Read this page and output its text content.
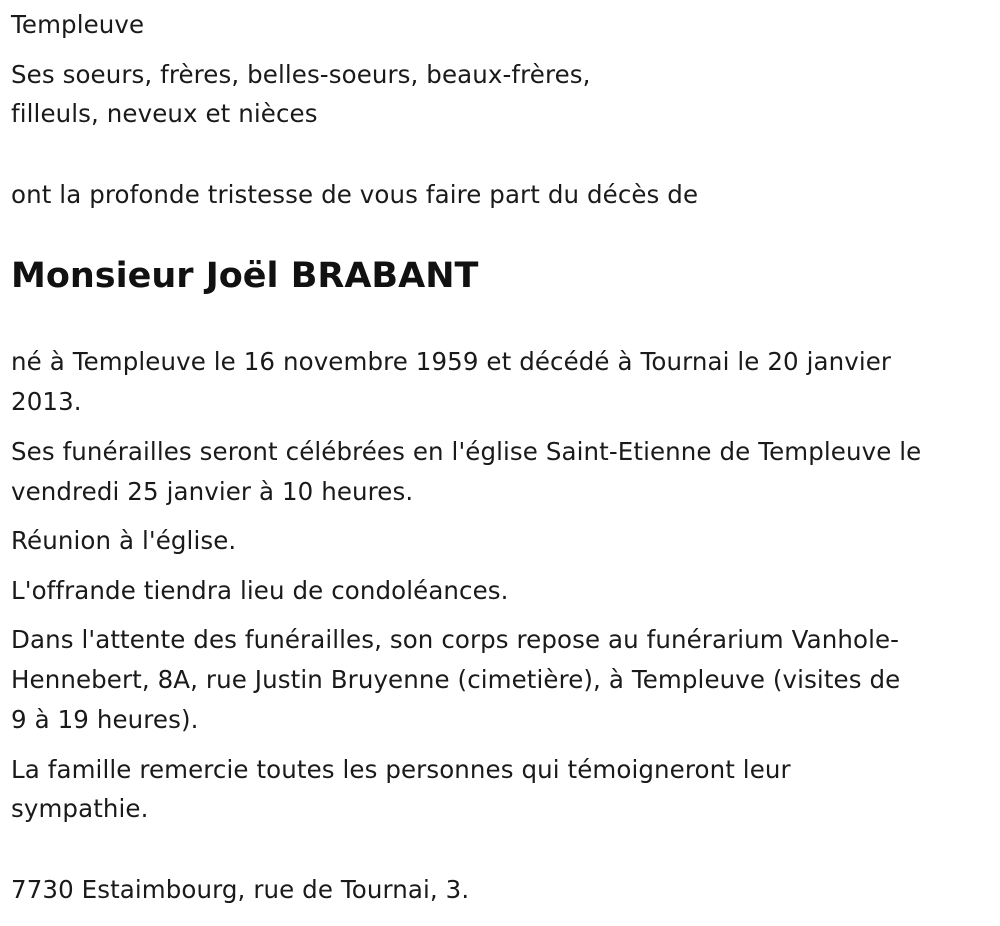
Templeuve

Ses soeurs, frères, belles-soeurs, beaux-frères,

filleuls, neveux et nièces

ont la profonde tristesse de vous faire part du décès de

Monsieur Joël BRABANT

né à Templeuve le 16 novembre 1959 et décédé à Tournai le 20 janvier

2013.

Ses funérailles seront célébrées en l'église Saint-Etienne de Templeuve le

vendredi 25 janvier à 10 heures.

Réunion à l'église.

L'offrande tiendra lieu de condoléances.

Dans l'attente des funérailles, son corps repose au funérarium Vanhole-

Hennebert, 8A, rue Justin Bruyenne (cimetière), à Templeuve (visites de

9 à 19 heures).

La famille remercie toutes les personnes qui témoigneront leur

sympathie.

7730 Estaimbourg, rue de Tournai, 3.
